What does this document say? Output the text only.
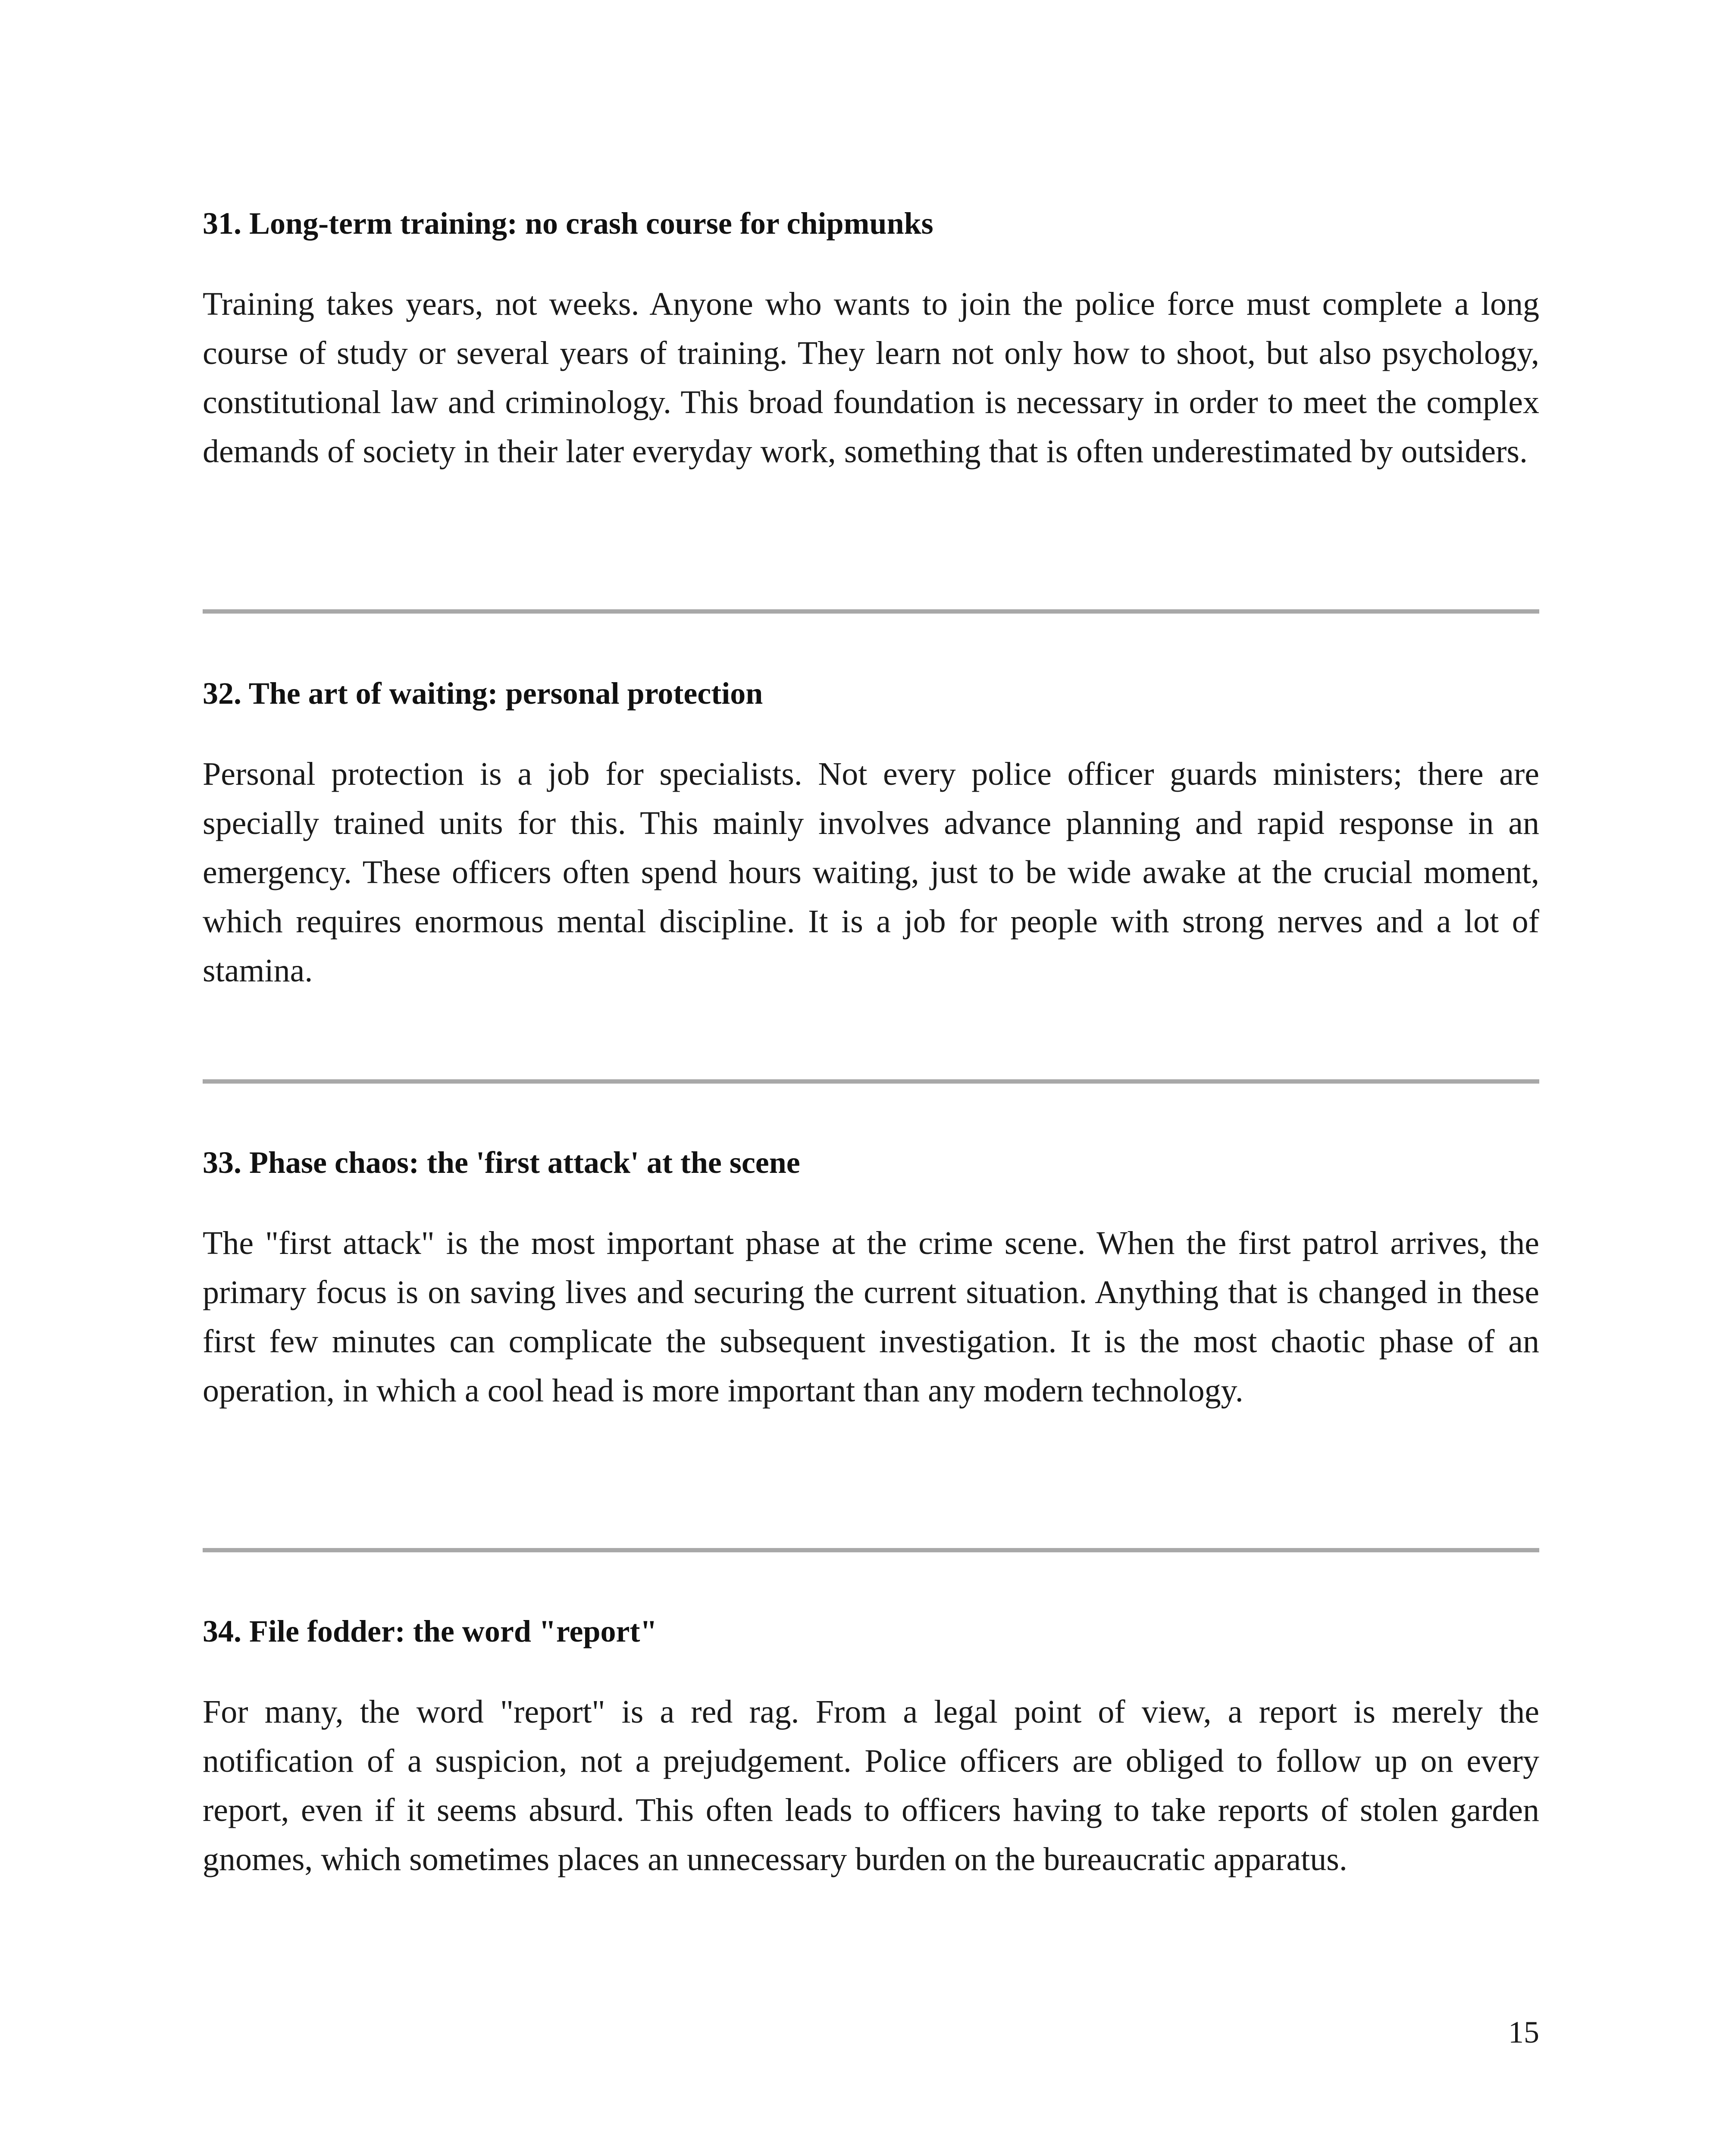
31. Long-term training: no crash course for chipmunks

Training takes years, not weeks. Anyone who wants to join the police force must complete a long course of study or several years of training. They learn not only how to shoot, but also psychology, constitutional law and criminology. This broad foundation is necessary in order to meet the complex demands of society in their later everyday work, something that is often underestimated by outsiders.

32. The art of waiting: personal protection

Personal protection is a job for specialists. Not every police officer guards ministers; there are specially trained units for this. This mainly involves advance planning and rapid response in an emergency. These officers often spend hours waiting, just to be wide awake at the crucial moment, which requires enormous mental discipline. It is a job for people with strong nerves and a lot of stamina.

33. Phase chaos: the 'first attack' at the scene

The "first attack" is the most important phase at the crime scene. When the first patrol arrives, the primary focus is on saving lives and securing the current situation. Anything that is changed in these first few minutes can complicate the subsequent investigation. It is the most chaotic phase of an operation, in which a cool head is more important than any modern technology.

34. File fodder: the word "report"

For many, the word "report" is a red rag. From a legal point of view, a report is merely the notification of a suspicion, not a prejudgement. Police officers are obliged to follow up on every report, even if it seems absurd. This often leads to officers having to take reports of stolen garden gnomes, which sometimes places an unnecessary burden on the bureaucratic apparatus.

15
